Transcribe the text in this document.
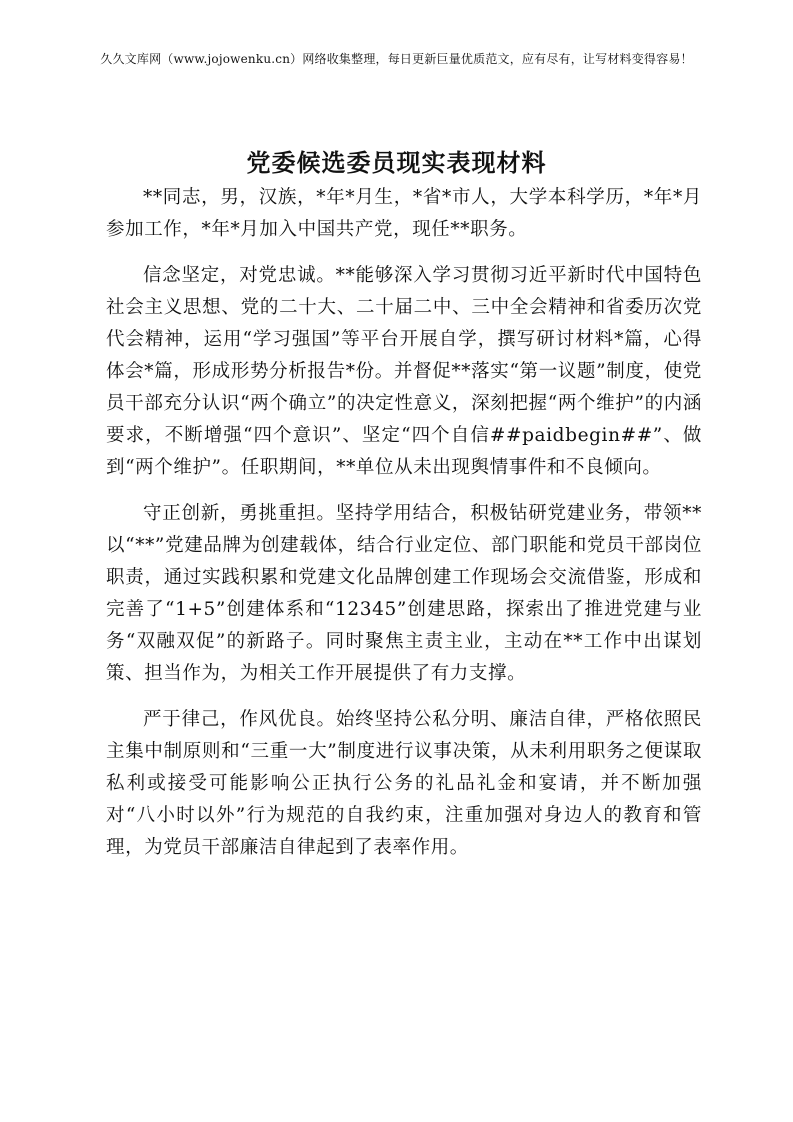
久久文库网（www.jojowenku.cn）网络收集整理，每日更新巨量优质范文，应有尽有，让写材料变得容易！
党委候选委员现实表现材料

**同志，男，汉族，*年*月生，*省*市人，大学本科学历，*年*月参加工作，*年*月加入中国共产党，现任**职务。

信念坚定，对党忠诚。**能够深入学习贯彻习近平新时代中国特色社会主义思想、党的二十大、二十届二中、三中全会精神和省委历次党代会精神，运用“学习强国”等平台开展自学，撰写研讨材料*篇，心得体会*篇，形成形势分析报告*份。并督促**落实“第一议题”制度，使党员干部充分认识“两个确立”的决定性意义，深刻把握“两个维护”的内涵要求，不断增强“四个意识”、坚定“四个自信##paidbegin##”、做到“两个维护”。任职期间，**单位从未出现舆情事件和不良倾向。

守正创新，勇挑重担。坚持学用结合，积极钻研党建业务，带领**以“**”党建品牌为创建载体，结合行业定位、部门职能和党员干部岗位职责，通过实践积累和党建文化品牌创建工作现场会交流借鉴，形成和完善了“1+5”创建体系和“12345”创建思路，探索出了推进党建与业务“双融双促”的新路子。同时聚焦主责主业，主动在**工作中出谋划策、担当作为，为相关工作开展提供了有力支撑。

严于律己，作风优良。始终坚持公私分明、廉洁自律，严格依照民主集中制原则和“三重一大”制度进行议事决策，从未利用职务之便谋取私利或接受可能影响公正执行公务的礼品礼金和宴请，并不断加强对“八小时以外”行为规范的自我约束，注重加强对身边人的教育和管理，为党员干部廉洁自律起到了表率作用。
